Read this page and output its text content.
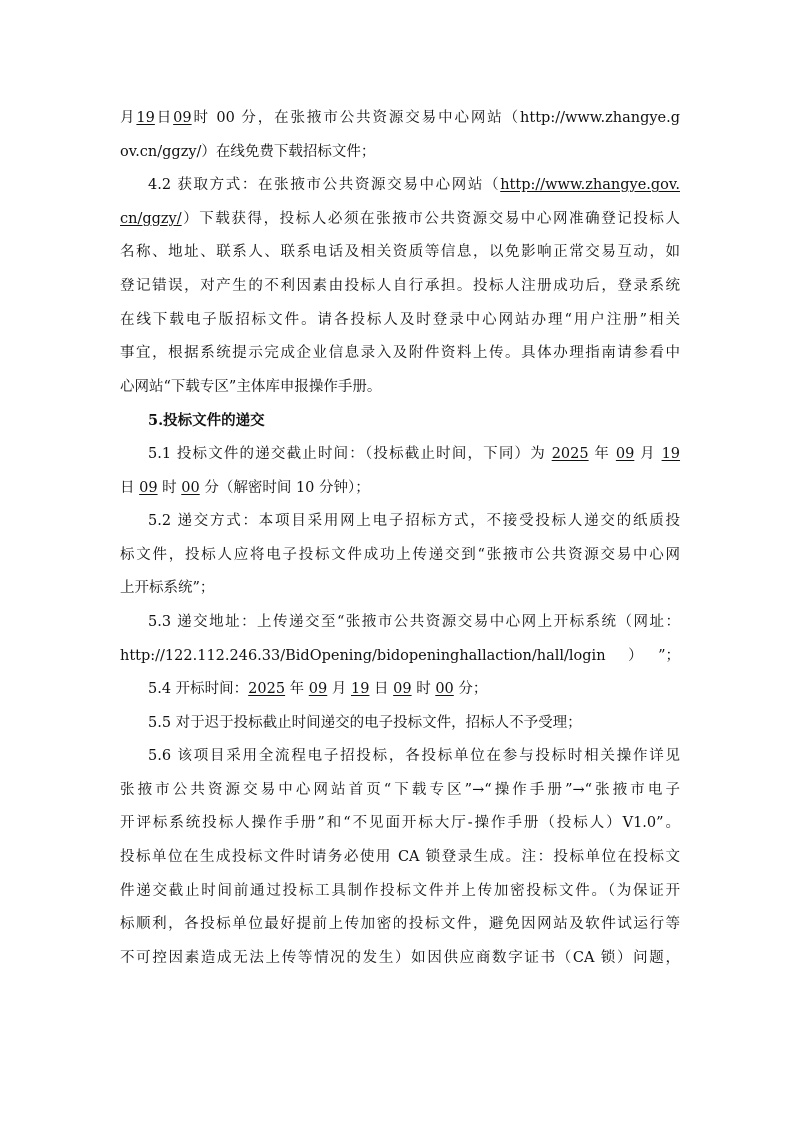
月19日09时 00 分，在张掖市公共资源交易中心网站（http://www.zhangye.g
ov.cn/ggzy/）在线免费下载招标文件；
4.2 获取方式：在张掖市公共资源交易中心网站（http://www.zhangye.gov.
cn/ggzy/）下载获得，投标人必须在张掖市公共资源交易中心网准确登记投标人
名称、地址、联系人、联系电话及相关资质等信息，以免影响正常交易互动，如
登记错误，对产生的不利因素由投标人自行承担。投标人注册成功后，登录系统
在线下载电子版招标文件。请各投标人及时登录中心网站办理“用户注册”相关
事宜，根据系统提示完成企业信息录入及附件资料上传。具体办理指南请参看中
心网站“下载专区”主体库申报操作手册。
5.投标文件的递交
5.1 投标文件的递交截止时间：（投标截止时间，下同）为 2025 年 09 月 19
日 09 时 00 分（解密时间 10 分钟）；
5.2 递交方式：本项目采用网上电子招标方式，不接受投标人递交的纸质投
标文件，投标人应将电子投标文件成功上传递交到“张掖市公共资源交易中心网
上开标系统”；
5.3 递交地址：上传递交至“张掖市公共资源交易中心网上开标系统（网址：
http://122.112.246.33/BidOpening/bidopeninghallaction/hall/login）”；
5.4 开标时间：2025 年 09 月 19 日 09 时 00 分；
5.5 对于迟于投标截止时间递交的电子投标文件，招标人不予受理；
5.6 该项目采用全流程电子招投标，各投标单位在参与投标时相关操作详见
张掖市公共资源交易中心网站首页“下载专区”→“操作手册”→“张掖市电子
开评标系统投标人操作手册”和“不见面开标大厅-操作手册（投标人）V1.0”。
投标单位在生成投标文件时请务必使用 CA 锁登录生成。注：投标单位在投标文
件递交截止时间前通过投标工具制作投标文件并上传加密投标文件。（为保证开
标顺利，各投标单位最好提前上传加密的投标文件，避免因网站及软件试运行等
不可控因素造成无法上传等情况的发生）如因供应商数字证书（CA 锁）问题，
